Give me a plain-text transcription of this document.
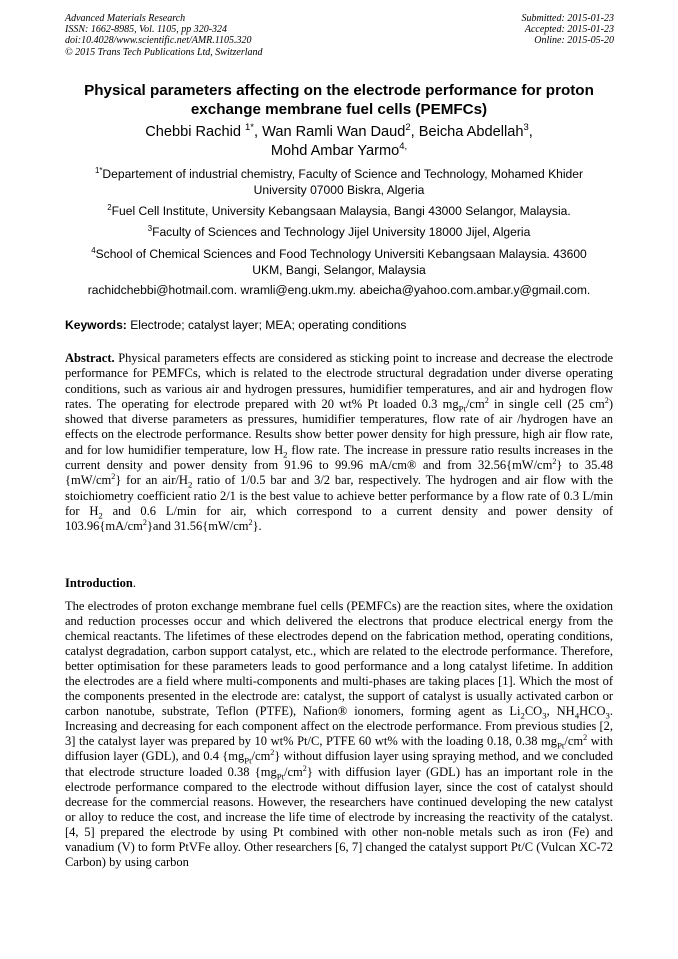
Advanced Materials Research
ISSN: 1662-8985, Vol. 1105, pp 320-324
doi:10.4028/www.scientific.net/AMR.1105.320
© 2015 Trans Tech Publications Ltd, Switzerland
Submitted: 2015-01-23
Accepted: 2015-01-23
Online: 2015-05-20
Physical parameters affecting on the electrode performance for proton
exchange membrane fuel cells (PEMFCs)
Chebbi Rachid $^{1*}$, Wan Ramli Wan Daud$^2$, Beicha Abdellah$^3$,
Mohd Ambar Yarmo$^{4,}$
$^{1*}$Departement of industrial chemistry, Faculty of Science and Technology, Mohamed Khider
University 07000 Biskra, Algeria
$^2$Fuel Cell Institute, University Kebangsaan Malaysia, Bangi 43000 Selangor, Malaysia.
$^3$Faculty of Sciences and Technology Jijel University 18000 Jijel, Algeria
$^4$School of Chemical Sciences and Food Technology Universiti Kebangsaan Malaysia. 43600
UKM, Bangi, Selangor, Malaysia
rachidchebbi@hotmail.com. wramli@eng.ukm.my. abeicha@yahoo.com.ambar.y@gmail.com.
Keywords: Electrode; catalyst layer; MEA; operating conditions
Abstract. Physical parameters effects are considered as sticking point to increase and decrease the electrode performance for PEMFCs, which is related to the electrode structural degradation under diverse operating conditions, such as various air and hydrogen pressures, humidifier temperatures, and air and hydrogen flow rates. The operating for electrode prepared with 20 wt% Pt loaded 0.3 $mg_{Pt}/cm^2$ in single cell (25 $cm^2$) showed that diverse parameters as pressures, humidifier temperatures, flow rate of air /hydrogen have an effects on the electrode performance. Results show better power density for high pressure, high air flow rate, and for low humidifier temperature, low $H_2$ flow rate. The increase in pressure ratio results increases in the current density and power density from 91.96 to 99.96 mA/cm® and from $32.56\{mW/cm^2\}$ to 35.48 $\{mW/cm^2\}$ for an air/$H_2$ ratio of 1/0.5 bar and 3/2 bar, respectively. The hydrogen and air flow with the stoichiometry coefficient ratio 2/1 is the best value to achieve better performance by a flow rate of 0.3 L/min for $H_2$ and 0.6 L/min for air, which correspond to a current density and power density of $103.96\{mA/cm^2\}and$ $31.56\{mW/cm^2\}$.
Introduction.
The electrodes of proton exchange membrane fuel cells (PEMFCs) are the reaction sites, where the oxidation and reduction processes occur and which delivered the electrons that produce electrical energy from the chemical reactants. The lifetimes of these electrodes depend on the fabrication method, operating conditions, catalyst degradation, carbon support catalyst, etc., which are related to the electrode performance. Therefore, better optimisation for these parameters leads to good performance and a long catalyst lifetime. In addition the electrodes are a field where multi-components and multi-phases are taking places [1]. Which the most of the components presented in the electrode are: catalyst, the support of catalyst is usually activated carbon or carbon nanotube, substrate, Teflon (PTFE), Nafion® ionomers, forming agent as $Li_2CO_3$, $NH_4HCO_3$. Increasing and decreasing for each component affect on the electrode performance. From previous studies [2, 3] the catalyst layer was prepared by 10 wt% Pt/C, PTFE 60 wt% with the loading 0.18, 0.38 $mg_{Pt}/cm^2$ with diffusion layer (GDL), and 0.4 $\{mg_{Pt}/cm^2\}$ without diffusion layer using spraying method, and we concluded that electrode structure loaded 0.38 $\{mg_{Pt}/cm^2\}$ with diffusion layer (GDL) has an important role in the electrode performance compared to the electrode without diffusion layer, since the cost of catalyst should decrease for the commercial reasons. However, the researchers have continued developing the new catalyst or alloy to reduce the cost, and increase the life time of electrode by increasing the reactivity of the catalyst. [4, 5] prepared the electrode by using Pt combined with other non-noble metals such as iron (Fe) and vanadium (V) to form PtVFe alloy. Other researchers [6, 7] changed the catalyst support Pt/C (Vulcan XC-72 Carbon) by using carbon
